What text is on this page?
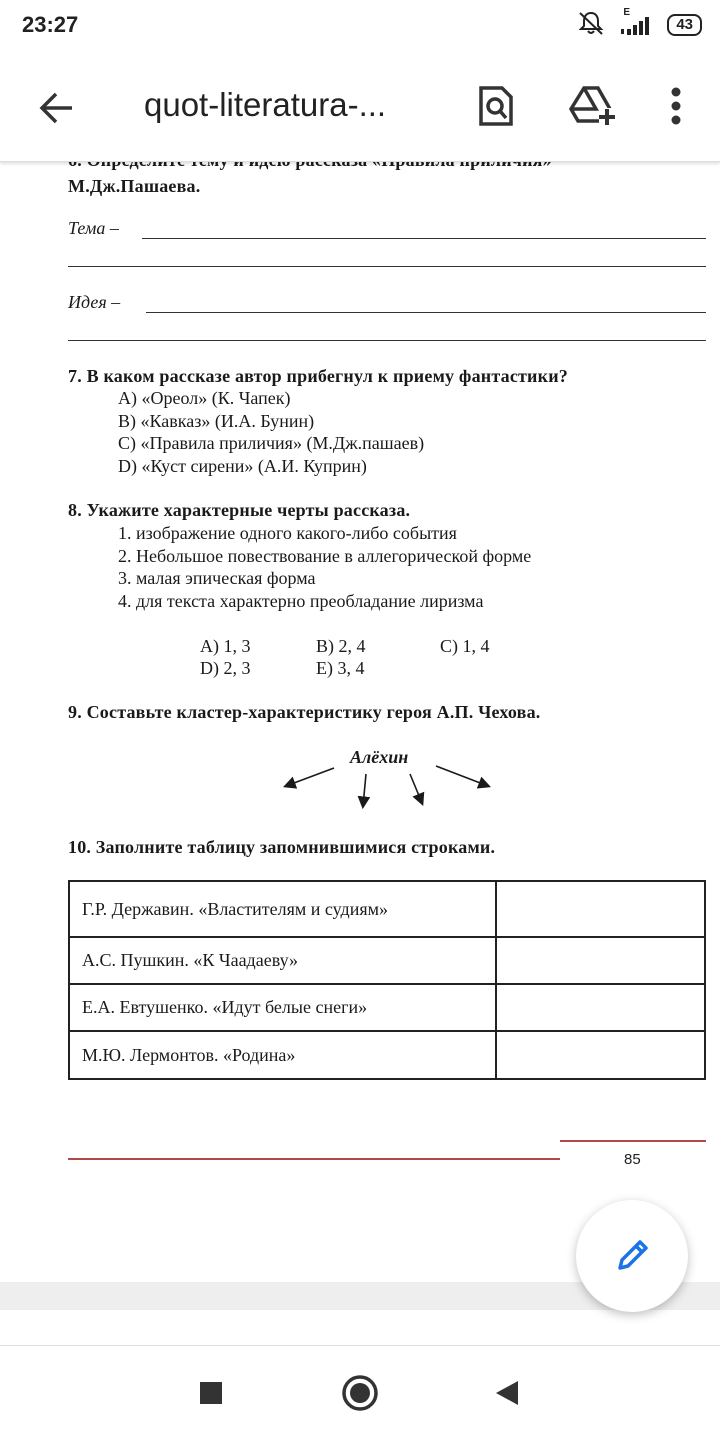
23:27	E
43
quot-literatura-...
М.Дж.Пашаева.
Тема –
Идея –
7. В каком рассказе автор прибегнул к приему фантастики?
A) «Ореол» (К. Чапек)
B) «Кавказ» (И.А. Бунин)
C) «Правила приличия» (М.Дж.пашаев)
D) «Куст сирени» (А.И. Куприн)
8. Укажите характерные черты рассказа.
1. изображение одного какого-либо события
2. Небольшое повествование в аллегорической форме
3. малая эпическая форма
4. для текста характерно преобладание лиризма
A) 1, 3	B) 2, 4	C) 1, 4
D) 2, 3	E) 3, 4
9. Составьте кластер-характеристику героя А.П. Чехова.
Алёхин
10. Заполните таблицу запомнившимися строками.
Г.Р. Державин. «Властителям и судиям»	
А.С. Пушкин. «К Чаадаеву»	
Е.А. Евтушенко. «Идут белые снеги»	
М.Ю. Лермонтов. «Родина»	
85
